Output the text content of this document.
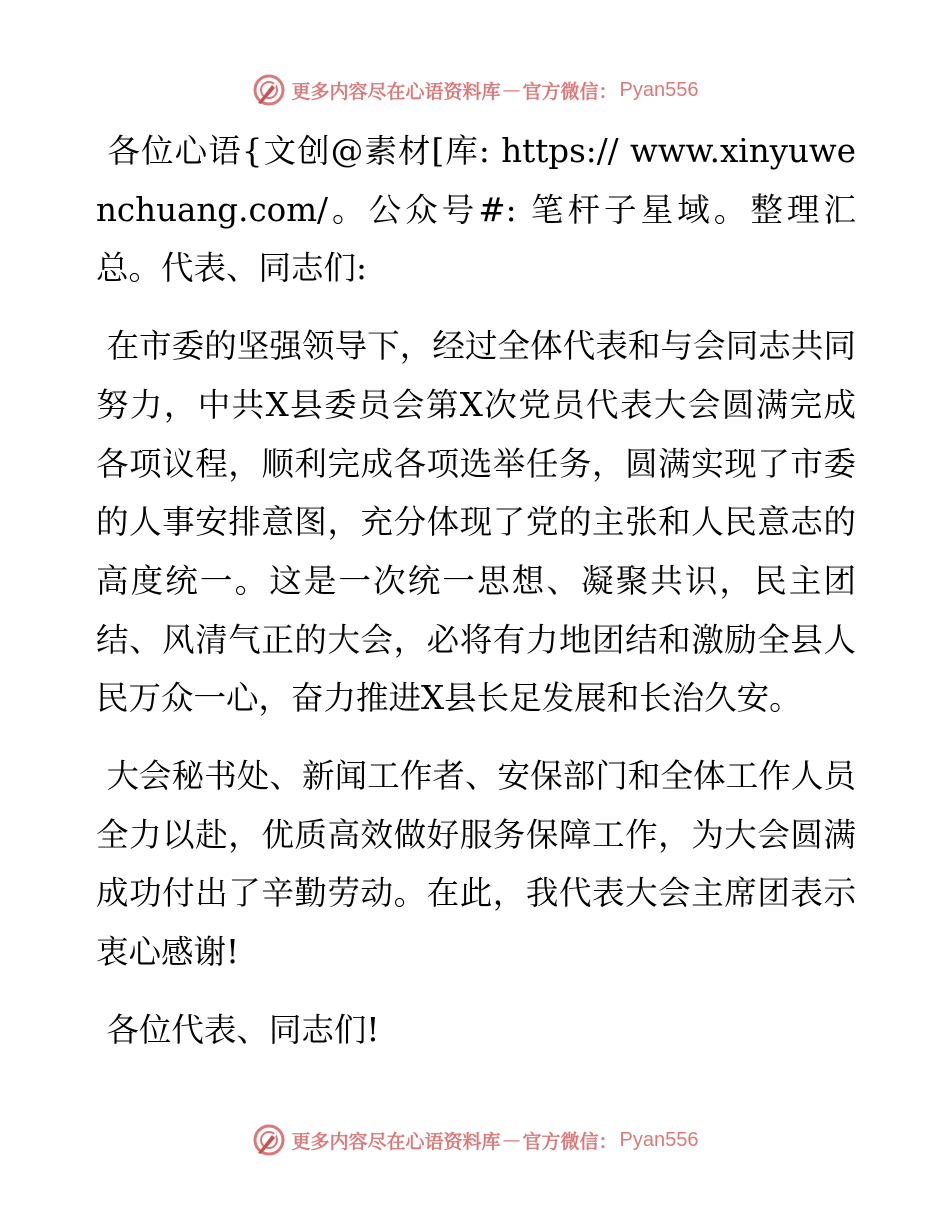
更多内容尽在心语资料库 — 官方微信： Pyan556

各位心语{文创@素材[库: https:// www.xinyuwenchuang.com/。公众号#: 笔杆子星域。整理汇总。代表、同志们:

在市委的坚强领导下，经过全体代表和与会同志共同努力，中共X县委员会第X次党员代表大会圆满完成各项议程，顺利完成各项选举任务，圆满实现了市委的人事安排意图，充分体现了党的主张和人民意志的高度统一。这是一次统一思想、凝聚共识，民主团结、风清气正的大会，必将有力地团结和激励全县人民万众一心，奋力推进X县长足发展和长治久安。

大会秘书处、新闻工作者、安保部门和全体工作人员全力以赴，优质高效做好服务保障工作，为大会圆满成功付出了辛勤劳动。在此，我代表大会主席团表示衷心感谢!

各位代表、同志们!

更多内容尽在心语资料库 — 官方微信： Pyan556
